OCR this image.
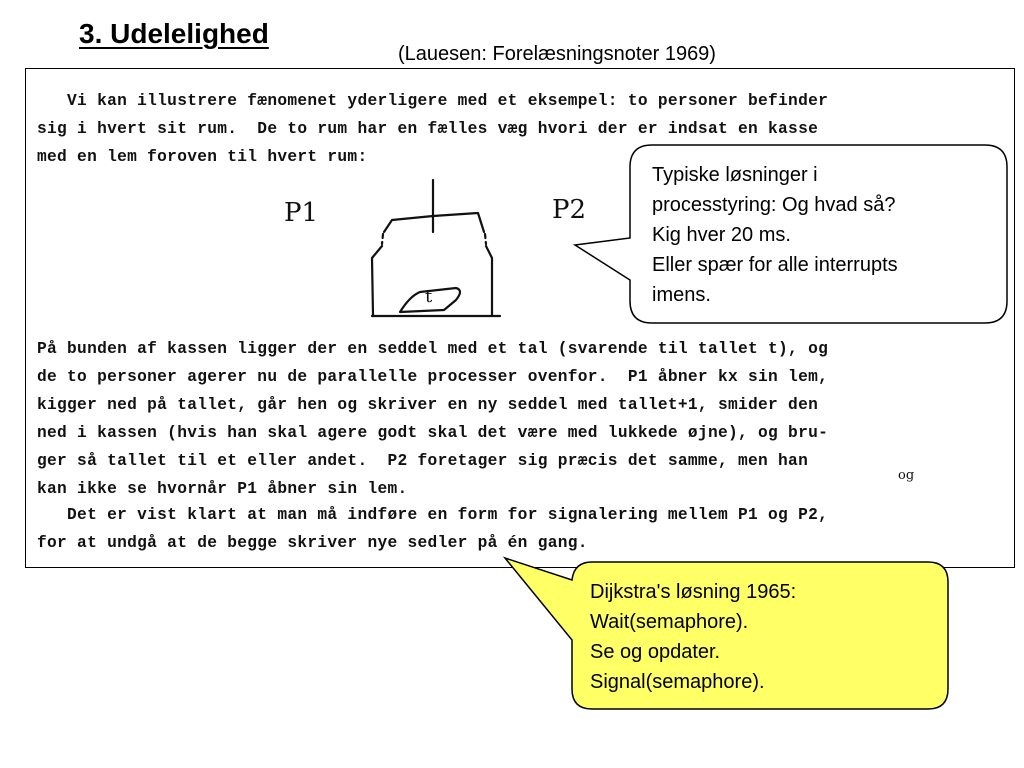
3. Udelelighed
(Lauesen: Forelæsningsnoter 1969)
Vi kan illustrere fænomenet yderligere med et eksempel: to personer befinder
sig i hvert sit rum.  De to rum har en fælles væg hvori der er indsat en kasse
med en lem foroven til hvert rum:
P1	P2
t
På bunden af kassen ligger der en seddel med et tal (svarende til tallet t), og
de to personer agerer nu de parallelle processer ovenfor.  P1 åbner kx sin lem,
kigger ned på tallet, går hen og skriver en ny seddel med tallet+1, smider den
ned i kassen (hvis han skal agere godt skal det være med lukkede øjne), og bru-
ger så tallet til et eller andet.  P2 foretager sig præcis det samme, men han
og
kan ikke se hvornår P1 åbner sin lem.
Det er vist klart at man må indføre en form for signalering mellem P1 og P2,
for at undgå at de begge skriver nye sedler på én gang.
Typiske løsninger i
processtyring: Og hvad så?
Kig hver 20 ms.
Eller spær for alle interrupts
imens.
Dijkstra's løsning 1965:
Wait(semaphore).
Se og opdater.
Signal(semaphore).
